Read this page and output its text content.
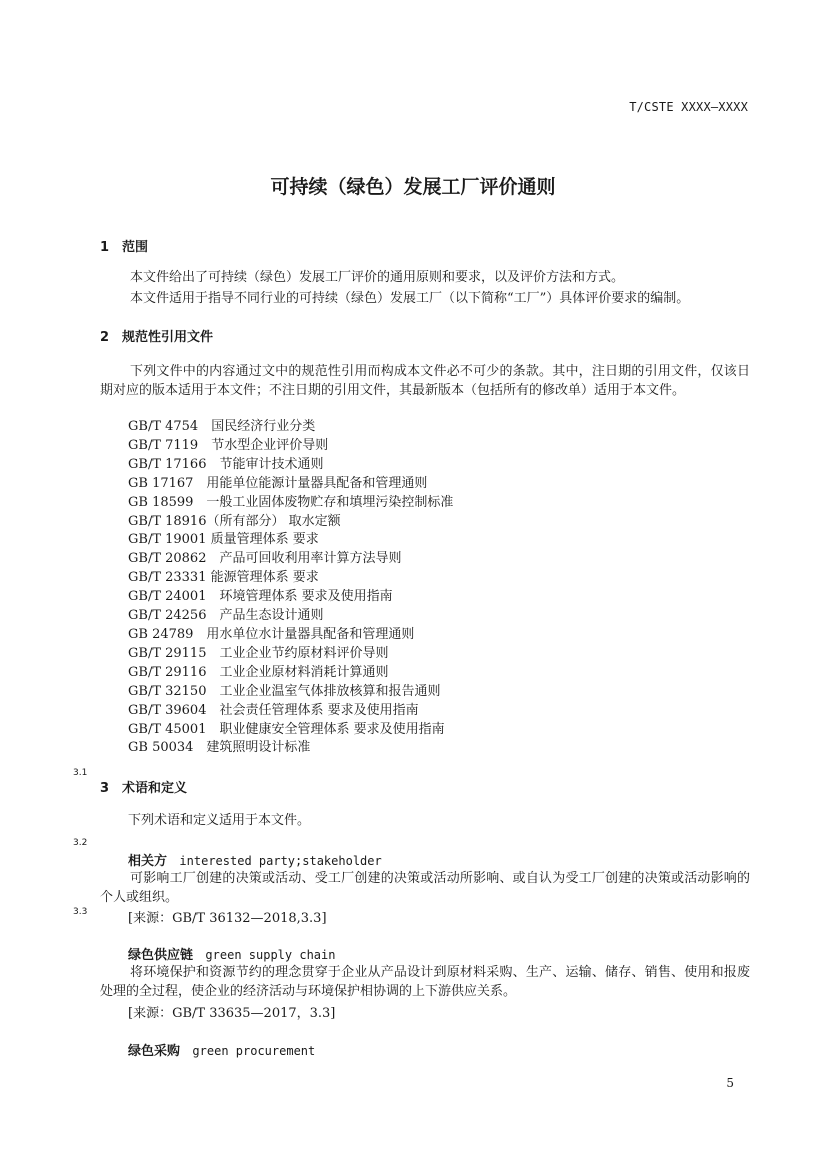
T/CSTE XXXX—XXXX
可持续（绿色）发展工厂评价通则
1 范围
本文件给出了可持续（绿色）发展工厂评价的通用原则和要求，以及评价方法和方式。
本文件适用于指导不同行业的可持续（绿色）发展工厂（以下简称“工厂”）具体评价要求的编制。
2 规范性引用文件
下列文件中的内容通过文中的规范性引用而构成本文件必不可少的条款。其中，注日期的引用文件，仅该日期对应的版本适用于本文件；不注日期的引用文件，其最新版本（包括所有的修改单）适用于本文件。
GB/T 4754　国民经济行业分类
GB/T 7119　节水型企业评价导则
GB/T 17166　节能审计技术通则
GB 17167　用能单位能源计量器具配备和管理通则
GB 18599　一般工业固体废物贮存和填埋污染控制标准
GB/T 18916（所有部分） 取水定额
GB/T 19001 质量管理体系 要求
GB/T 20862　产品可回收利用率计算方法导则
GB/T 23331 能源管理体系 要求
GB/T 24001　环境管理体系 要求及使用指南
GB/T 24256　产品生态设计通则
GB 24789　用水单位水计量器具配备和管理通则
GB/T 29115　工业企业节约原材料评价导则
GB/T 29116　工业企业原材料消耗计算通则
GB/T 32150　工业企业温室气体排放核算和报告通则
GB/T 39604　社会责任管理体系 要求及使用指南
GB/T 45001　职业健康安全管理体系 要求及使用指南
GB 50034　建筑照明设计标准
3.1
3 术语和定义
下列术语和定义适用于本文件。
3.2
相关方 interested party;stakeholder
可影响工厂创建的决策或活动、受工厂创建的决策或活动所影响、或自认为受工厂创建的决策或活动影响的个人或组织。
3.3	[来源：GB/T 36132—2018,3.3]
绿色供应链 green supply chain
将环境保护和资源节约的理念贯穿于企业从产品设计到原材料采购、生产、运输、储存、销售、使用和报废处理的全过程，使企业的经济活动与环境保护相协调的上下游供应关系。
[来源：GB/T 33635—2017，3.3]
绿色采购 green procurement
5
